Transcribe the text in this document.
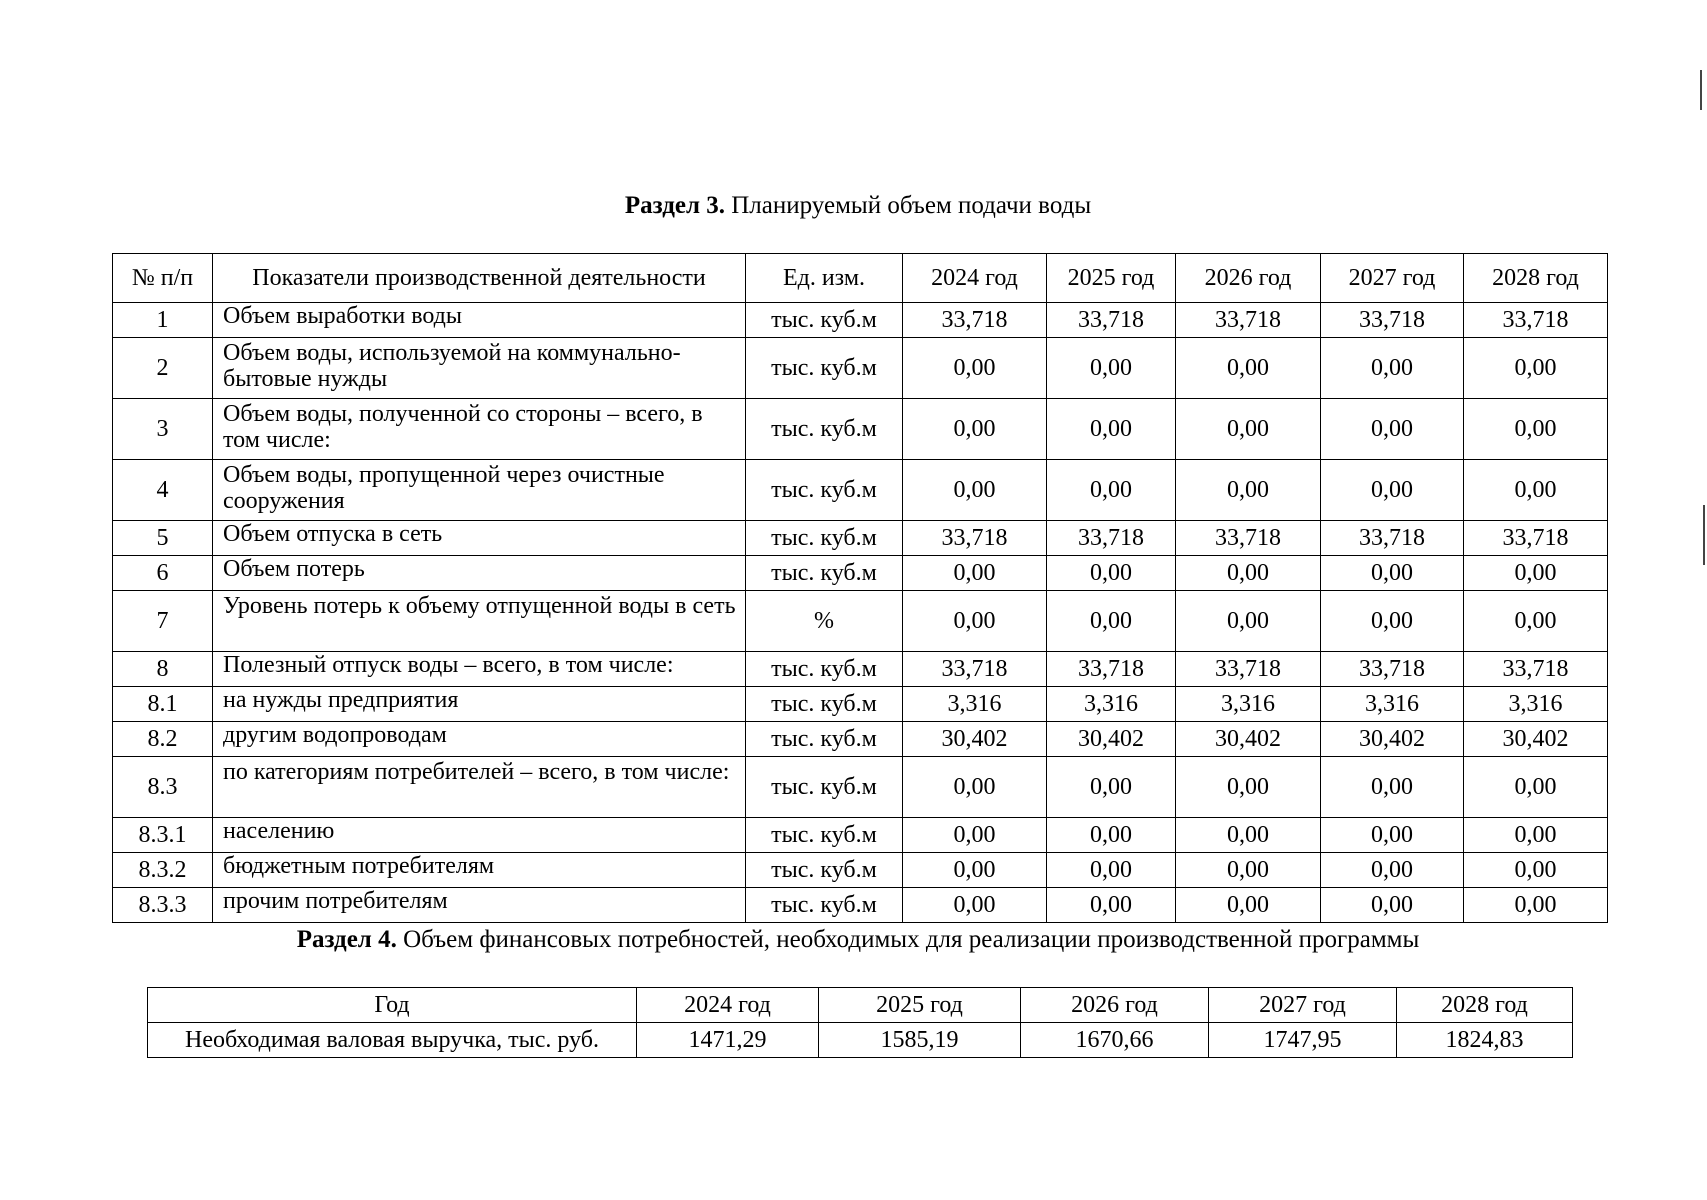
Раздел 3. Планируемый объем подачи воды
№ п/п	Показатели производственной деятельности	Ед. изм.	2024 год	2025 год	2026 год	2027 год	2028 год
1	Объем выработки воды	тыс. куб.м	33,718	33,718	33,718	33,718	33,718
2	Объем воды, используемой на коммунально-бытовые нужды	тыс. куб.м	0,00	0,00	0,00	0,00	0,00
3	Объем воды, полученной со стороны – всего, в том числе:	тыс. куб.м	0,00	0,00	0,00	0,00	0,00
4	Объем воды, пропущенной через очистные сооружения	тыс. куб.м	0,00	0,00	0,00	0,00	0,00
5	Объем отпуска в сеть	тыс. куб.м	33,718	33,718	33,718	33,718	33,718
6	Объем потерь	тыс. куб.м	0,00	0,00	0,00	0,00	0,00
7	Уровень потерь к объему отпущенной воды в сеть	%	0,00	0,00	0,00	0,00	0,00
8	Полезный отпуск воды – всего, в том числе:	тыс. куб.м	33,718	33,718	33,718	33,718	33,718
8.1	на нужды предприятия	тыс. куб.м	3,316	3,316	3,316	3,316	3,316
8.2	другим водопроводам	тыс. куб.м	30,402	30,402	30,402	30,402	30,402
8.3	по категориям потребителей – всего, в том числе:	тыс. куб.м	0,00	0,00	0,00	0,00	0,00
8.3.1	населению	тыс. куб.м	0,00	0,00	0,00	0,00	0,00
8.3.2	бюджетным потребителям	тыс. куб.м	0,00	0,00	0,00	0,00	0,00
8.3.3	прочим потребителям	тыс. куб.м	0,00	0,00	0,00	0,00	0,00
Раздел 4. Объем финансовых потребностей, необходимых для реализации производственной программы
Год	2024 год	2025 год	2026 год	2027 год	2028 год
Необходимая валовая выручка, тыс. руб.	1471,29	1585,19	1670,66	1747,95	1824,83
